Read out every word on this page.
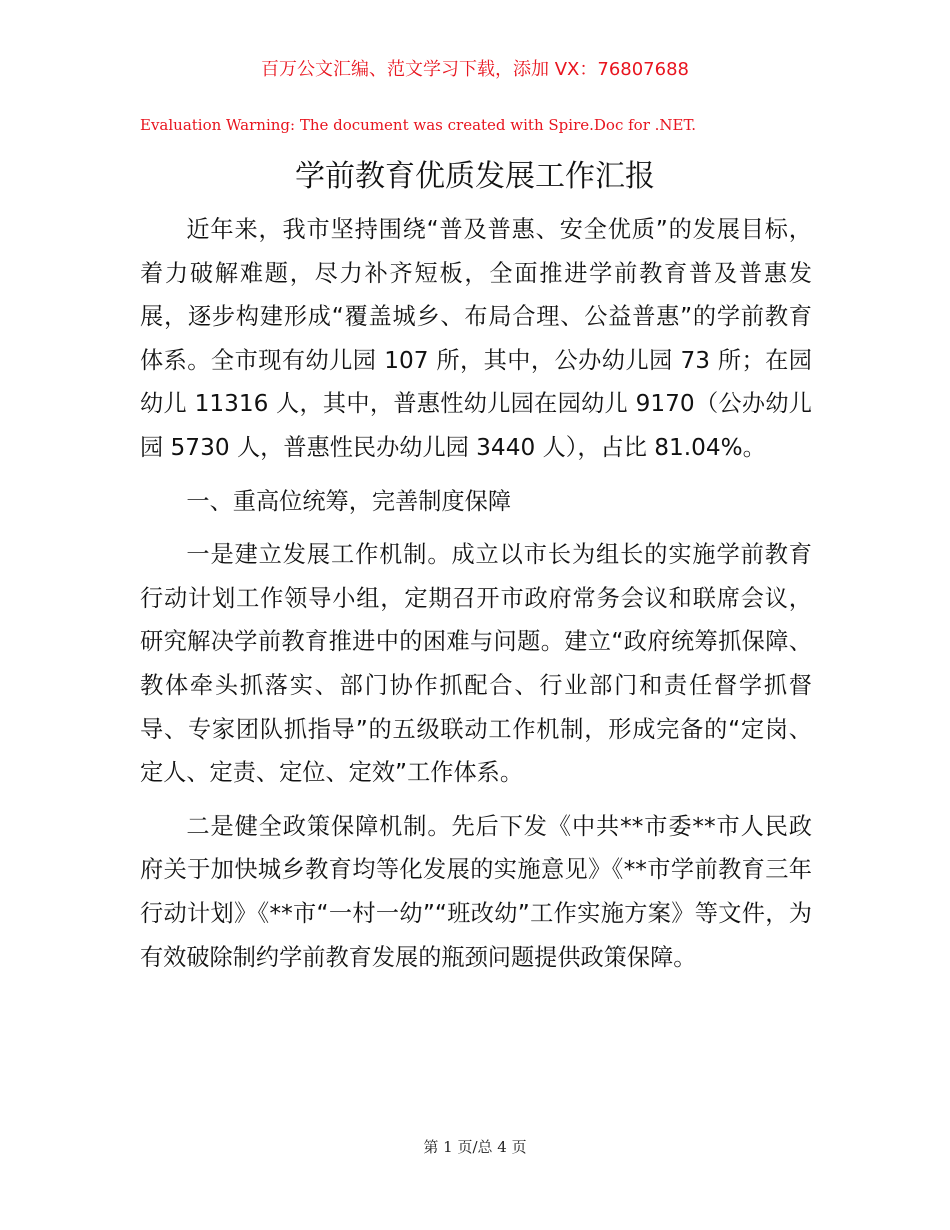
百万公文汇编、范文学习下载，添加 VX：76807688
Evaluation Warning: The document was created with Spire.Doc for .NET.
学前教育优质发展工作汇报

近年来，我市坚持围绕“普及普惠、安全优质”的发展目标，着力破解难题，尽力补齐短板，全面推进学前教育普及普惠发展，逐步构建形成“覆盖城乡、布局合理、公益普惠”的学前教育体系。全市现有幼儿园 107 所，其中，公办幼儿园 73 所；在园幼儿 11316 人，其中，普惠性幼儿园在园幼儿 9170（公办幼儿园 5730 人，普惠性民办幼儿园 3440 人），占比 81.04%。

一、重高位统筹，完善制度保障

一是建立发展工作机制。成立以市长为组长的实施学前教育行动计划工作领导小组，定期召开市政府常务会议和联席会议，研究解决学前教育推进中的困难与问题。建立“政府统筹抓保障、教体牵头抓落实、部门协作抓配合、行业部门和责任督学抓督导、专家团队抓指导”的五级联动工作机制，形成完备的“定岗、定人、定责、定位、定效”工作体系。

二是健全政策保障机制。先后下发《中共**市委**市人民政府关于加快城乡教育均等化发展的实施意见》《**市学前教育三年行动计划》《**市“一村一幼”“班改幼”工作实施方案》等文件，为有效破除制约学前教育发展的瓶颈问题提供政策保障。

第 1 页/总 4 页
